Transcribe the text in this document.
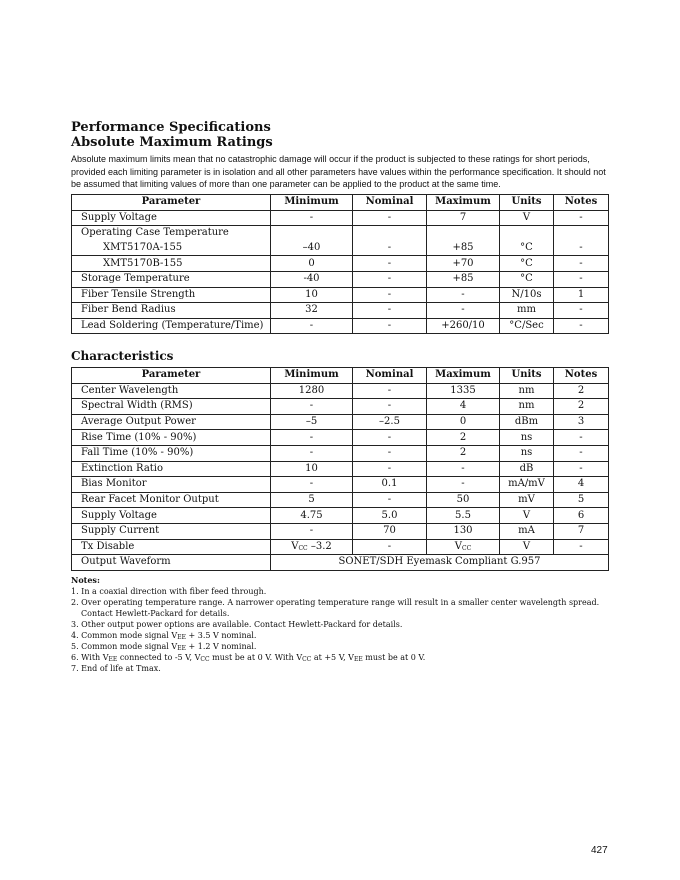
Performance Specifications
Absolute Maximum Ratings
Absolute maximum limits mean that no catastrophic damage will occur if the product is subjected to these ratings for short periods, provided each limiting parameter is in isolation and all other parameters have values within the performance specification. It should not be assumed that limiting values of more than one parameter can be applied to the product at the same time.
Parameter	Minimum	Nominal	Maximum	Units	Notes
Supply Voltage	-	-	7	V	-
Operating Case Temperature					
XMT5170A-155	–40	-	+85	°C	-
XMT5170B-155	0	-	+70	°C	-
Storage Temperature	-40	-	+85	°C	-
Fiber Tensile Strength	10	-	-	N/10s	1
Fiber Bend Radius	32	-	-	mm	-
Lead Soldering (Temperature/Time)	-	-	+260/10	°C/Sec	-
Characteristics
Parameter	Minimum	Nominal	Maximum	Units	Notes
Center Wavelength	1280	-	1335	nm	2
Spectral Width (RMS)	-	-	4	nm	2
Average Output Power	–5	–2.5	0	dBm	3
Rise Time (10% - 90%)	-	-	2	ns	-
Fall Time (10% - 90%)	-	-	2	ns	-
Extinction Ratio	10	-	-	dB	-
Bias Monitor	-	0.1	-	mA/mV	4
Rear Facet Monitor Output	5	-	50	mV	5
Supply Voltage	4.75	5.0	5.5	V	6
Supply Current	-	70	130	mA	7
Tx Disable	$V_{CC}$ –3.2	-	$V_{CC}$	V	-
Output Waveform	SONET/SDH Eyemask Compliant G.957				
Notes:
1. In a coaxial direction with fiber feed through.
2. Over operating temperature range. A narrower operating temperature range will result in a smaller center wavelength spread.
Contact Hewlett-Packard for details.
3. Other output power options are available. Contact Hewlett-Packard for details.
4. Common mode signal $V_{EE} + 3.5$ V nominal.
5. Common mode signal $V_{EE} + 1.2$ V nominal.
6. With $V_{EE}$ connected to -5 V, $V_{CC}$ must be at 0 V. With $V_{CC}$ at +5 V, $V_{EE}$ must be at 0 V.
7. End of life at Tmax.
427
